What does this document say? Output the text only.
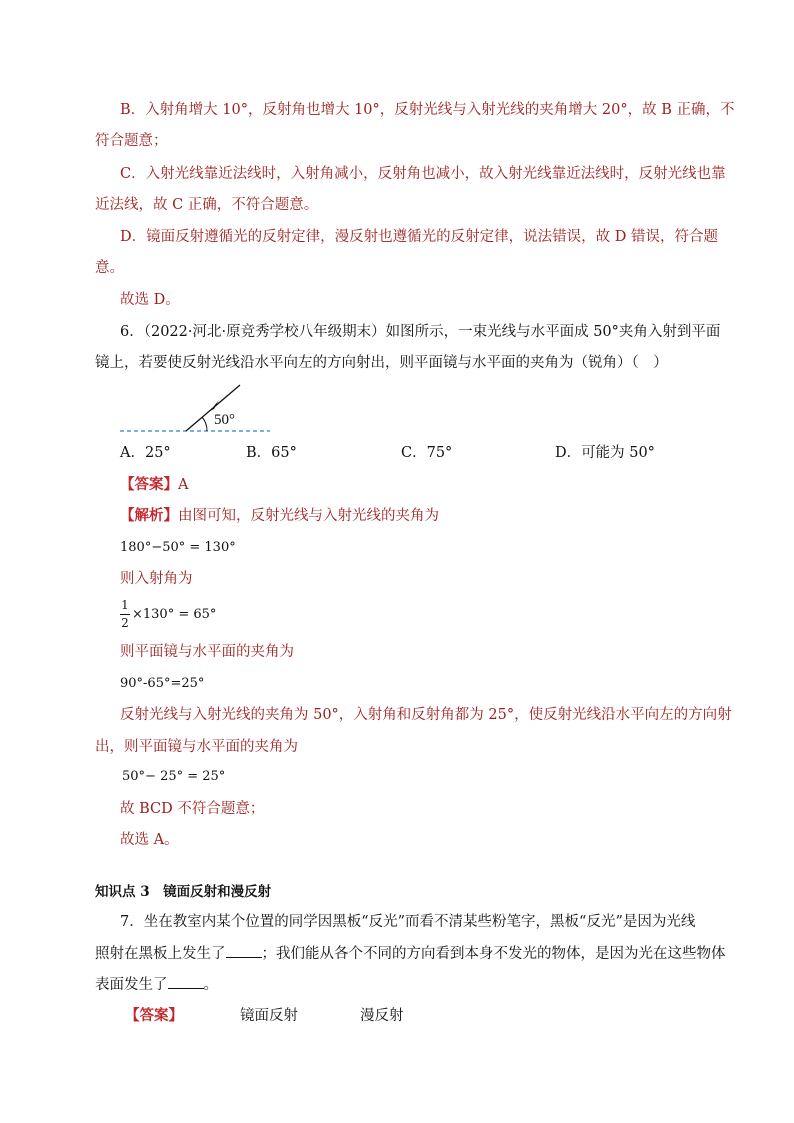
B．入射角增大 10°，反射角也增大 10°，反射光线与入射光线的夹角增大 20°，故 B 正确，不
符合题意；
C．入射光线靠近法线时，入射角减小，反射角也减小，故入射光线靠近法线时，反射光线也靠
近法线，故 C 正确，不符合题意。
D．镜面反射遵循光的反射定律，漫反射也遵循光的反射定律，说法错误，故 D 错误，符合题
意。
故选 D。
6．（2022·河北·原竞秀学校八年级期末）如图所示，一束光线与水平面成 50°夹角入射到平面
镜上，若要使反射光线沿水平向左的方向射出，则平面镜与水平面的夹角为（锐角）（　）
50°
A．25°	B．65°	C．75°	D．可能为 50°
【答案】A
【解析】由图可知，反射光线与入射光线的夹角为
180°−50° = 130°
则入射角为
1
2
×130° = 65°
则平面镜与水平面的夹角为
90°-65°=25°
反射光线与入射光线的夹角为 50°，入射角和反射角都为 25°，使反射光线沿水平向左的方向射
出，则平面镜与水平面的夹角为
50°− 25° = 25°
故 BCD 不符合题意；
故选 A。
知识点 3　镜面反射和漫反射
7．坐在教室内某个位置的同学因黑板“反光”而看不清某些粉笔字，黑板“反光”是因为光线
照射在黑板上发生了 ；我们能从各个不同的方向看到本身不发光的物体，是因为光在这些物体
表面发生了 。
【答案】	镜面反射	漫反射
